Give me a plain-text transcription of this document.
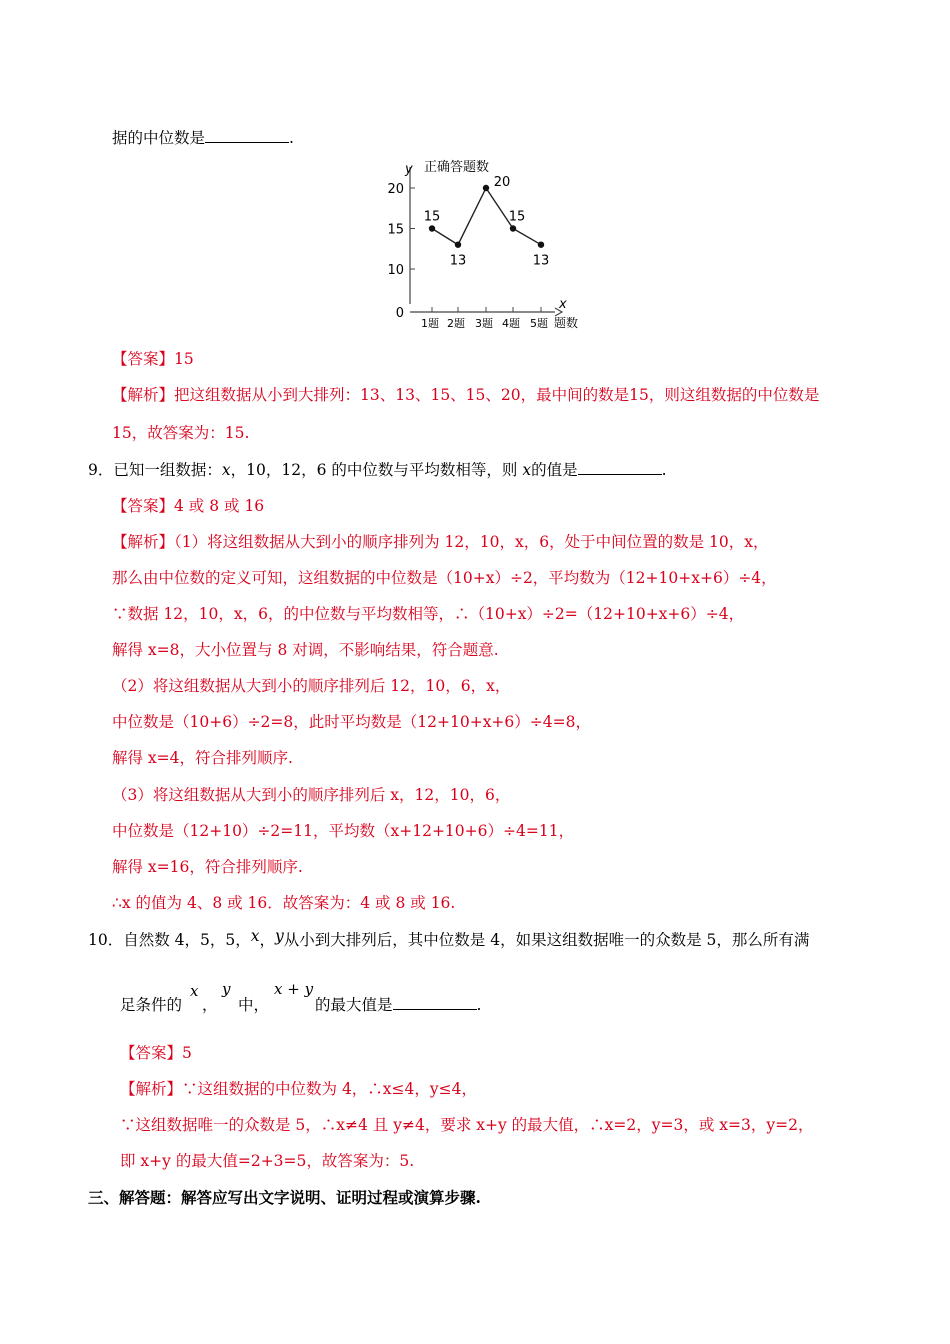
据的中位数是	.
y 正确答题数
x
题数
0
10
15
20
1题 2题 3题 4题 5题
15
13
20
15
13
【答案】15
【解析】把这组数据从小到大排列：13、13、15、15、20，最中间的数是15，则这组数据的中位数是
15，故答案为：15.
9．已知一组数据：x，10，12，6 的中位数与平均数相等，则 x的值是	.
【答案】4 或 8 或 16
【解析】（1）将这组数据从大到小的顺序排列为 12，10，x，6，处于中间位置的数是 10，x，
那么由中位数的定义可知，这组数据的中位数是（10+x）÷2，平均数为（12+10+x+6）÷4，
∵数据 12，10，x，6，的中位数与平均数相等，∴（10+x）÷2=（12+10+x+6）÷4，
解得 x=8，大小位置与 8 对调，不影响结果，符合题意.
（2）将这组数据从大到小的顺序排列后 12，10，6，x，
中位数是（10+6）÷2=8，此时平均数是（12+10+x+6）÷4=8，
解得 x=4，符合排列顺序.
（3）将这组数据从大到小的顺序排列后 x，12，10，6，
中位数是（12+10）÷2=11，平均数（x+12+10+6）÷4=11，
解得 x=16，符合排列顺序.
∴x 的值为 4、8 或 16．故答案为：4 或 8 或 16.
10．自然数 4，5，5，x，y从小到大排列后，其中位数是 4，如果这组数据唯一的众数是 5，那么所有满
足条件的
x
，
y
中，
x + y
的最大值是	.
【答案】5
【解析】∵这组数据的中位数为 4，∴x≤4，y≤4，
∵这组数据唯一的众数是 5，∴x≠4 且 y≠4，要求 x+y 的最大值，∴x=2，y=3，或 x=3，y=2，
即 x+y 的最大值=2+3=5，故答案为：5.
三、解答题：解答应写出文字说明、证明过程或演算步骤.
